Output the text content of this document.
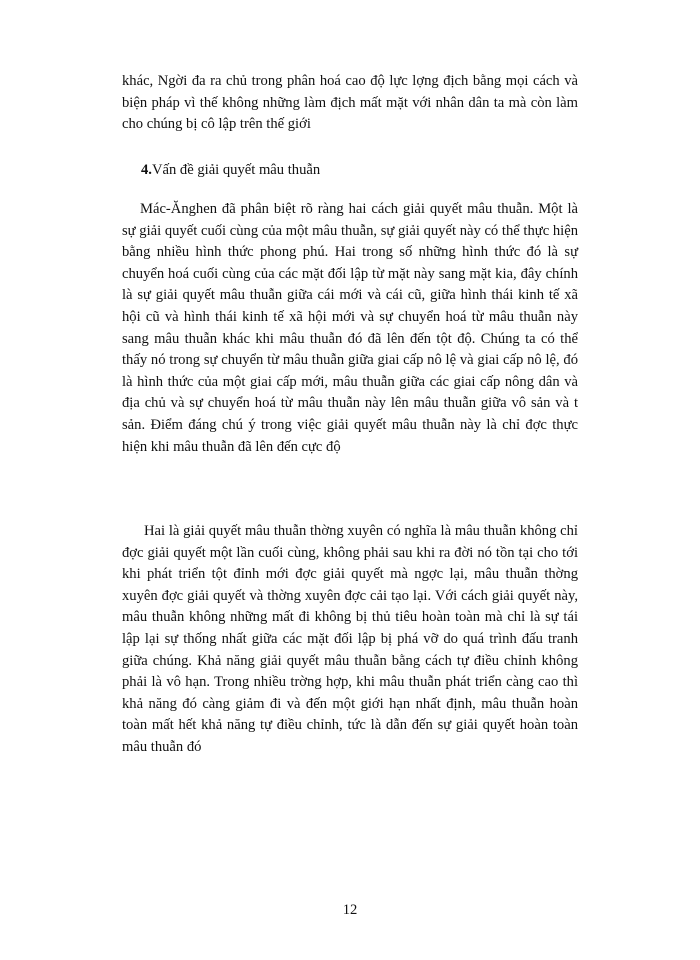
khác, Ngời đa ra chủ trong phân hoá cao độ lực lợng địch bằng mọi cách và biện pháp vì thế không những làm địch mất mặt với nhân dân ta mà còn làm cho chúng bị cô lập trên thế giới

4.Vấn đề giải quyết mâu thuẫn

Mác-Ănghen đã phân biệt rõ ràng hai cách giải quyết mâu thuẫn. Một là sự giải quyết cuối cùng của một mâu thuẫn, sự giải quyết này có thể thực hiện bằng nhiều hình thức phong phú. Hai trong số những hình thức đó là sự chuyển hoá cuối cùng của các mặt đối lập từ mặt này sang mặt kia, đây chính là sự giải quyết mâu thuẫn giữa cái mới và cái cũ, giữa hình thái kinh tế xã hội cũ và hình thái kinh tế xã hội mới và sự chuyển hoá từ mâu thuẫn này sang mâu thuẫn khác khi mâu thuẫn đó đã lên đến tột độ. Chúng ta có thể thấy nó trong sự chuyển từ mâu thuẫn giữa giai cấp nô lệ và giai cấp nô lệ, đó là hình thức của một giai cấp mới, mâu thuẫn giữa các giai cấp nông dân và địa chủ và sự chuyển hoá từ mâu thuẫn này lên mâu thuẫn giữa vô sản và t sản. Điểm đáng chú ý trong việc giải quyết mâu thuẫn này là chỉ đợc thực hiện khi mâu thuẫn đã lên đến cực độ

Hai là giải quyết mâu thuẫn thờng xuyên có nghĩa là mâu thuẫn không chỉ đợc giải quyết một lần cuối cùng, không phải sau khi ra đời nó tồn tại cho tới khi phát triển tột đỉnh mới đợc giải quyết mà ngợc lại, mâu thuẫn thờng xuyên đợc giải quyết và thờng xuyên đợc cải tạo lại. Với cách giải quyết này, mâu thuẫn không những mất đi không bị thủ tiêu hoàn toàn mà chỉ là sự tái lập lại sự thống nhất giữa các mặt đối lập bị phá vỡ do quá trình đấu tranh giữa chúng. Khả năng giải quyết mâu thuẫn bằng cách tự điều chỉnh không phải là vô hạn. Trong nhiều trờng hợp, khi mâu thuẫn phát triển càng cao thì khả năng đó càng giảm đi và đến một giới hạn nhất định, mâu thuẫn hoàn toàn mất hết khả năng tự điều chỉnh, tức là dẫn đến sự giải quyết hoàn toàn mâu thuẫn đó

12
